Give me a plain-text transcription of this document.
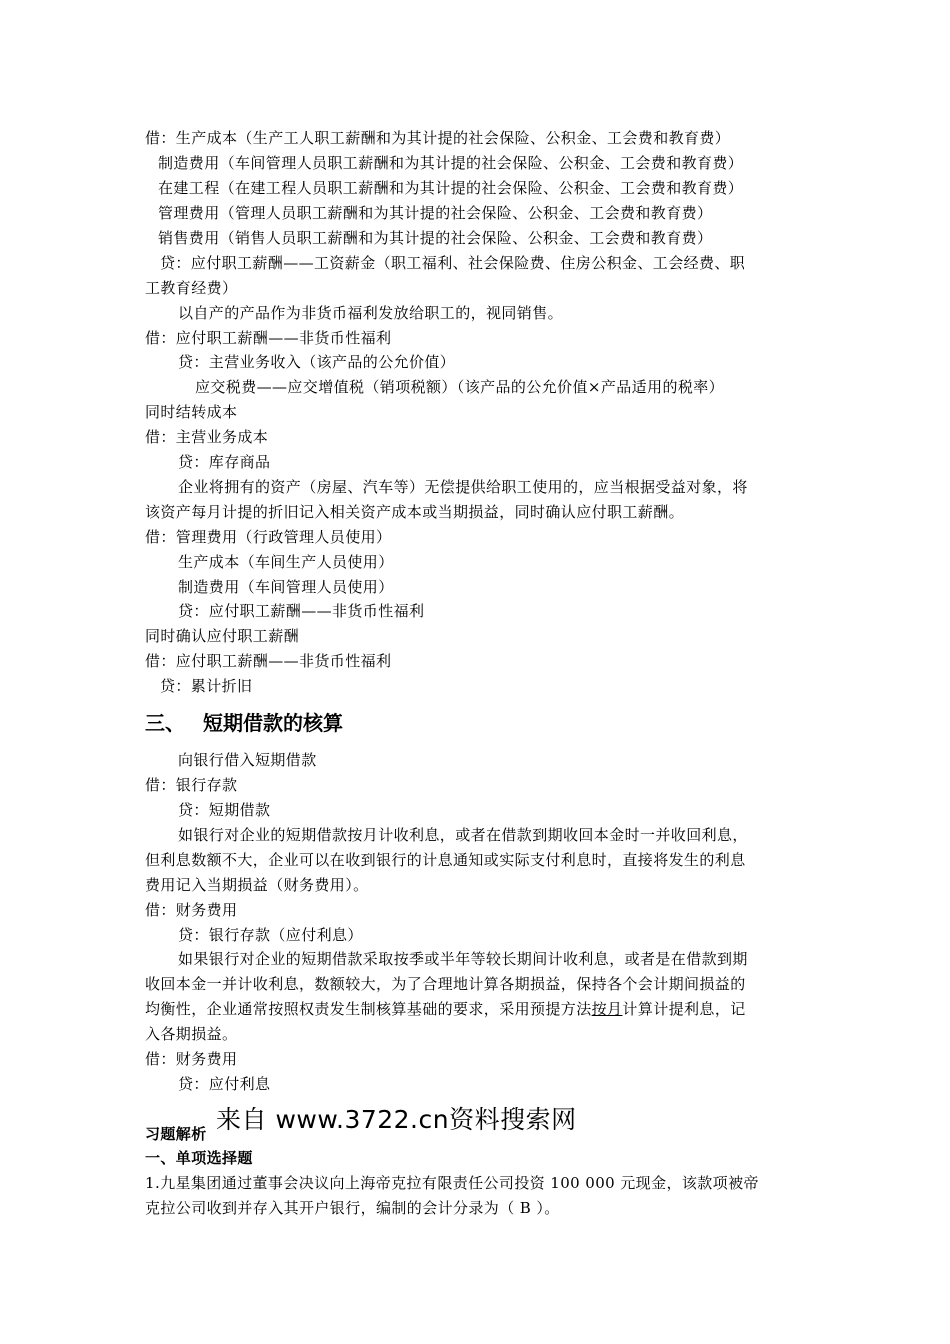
借：生产成本（生产工人职工薪酬和为其计提的社会保险、公积金、工会费和教育费）
制造费用（车间管理人员职工薪酬和为其计提的社会保险、公积金、工会费和教育费）
在建工程（在建工程人员职工薪酬和为其计提的社会保险、公积金、工会费和教育费）
管理费用（管理人员职工薪酬和为其计提的社会保险、公积金、工会费和教育费）
销售费用（销售人员职工薪酬和为其计提的社会保险、公积金、工会费和教育费）
贷：应付职工薪酬——工资薪金（职工福利、社会保险费、住房公积金、工会经费、职
工教育经费）
以自产的产品作为非货币福利发放给职工的，视同销售。
借：应付职工薪酬——非货币性福利
贷：主营业务收入（该产品的公允价值）
应交税费——应交增值税（销项税额）（该产品的公允价值×产品适用的税率）
同时结转成本
借：主营业务成本
贷：库存商品
企业将拥有的资产（房屋、汽车等）无偿提供给职工使用的，应当根据受益对象，将
该资产每月计提的折旧记入相关资产成本或当期损益，同时确认应付职工薪酬。
借：管理费用（行政管理人员使用）
生产成本（车间生产人员使用）
制造费用（车间管理人员使用）
贷：应付职工薪酬——非货币性福利
同时确认应付职工薪酬
借：应付职工薪酬——非货币性福利
贷：累计折旧
三、 短期借款的核算
向银行借入短期借款
借：银行存款
贷：短期借款
如银行对企业的短期借款按月计收利息，或者在借款到期收回本金时一并收回利息，
但利息数额不大，企业可以在收到银行的计息通知或实际支付利息时，直接将发生的利息
费用记入当期损益（财务费用）。
借：财务费用
贷：银行存款（应付利息）
如果银行对企业的短期借款采取按季或半年等较长期间计收利息，或者是在借款到期
收回本金一并计收利息，数额较大，为了合理地计算各期损益，保持各个会计期间损益的
均衡性，企业通常按照权责发生制核算基础的要求，采用预提方法按月计算计提利息，记
入各期损益。
借：财务费用
贷：应付利息
习题解析 来自 www.3722.cn资料搜索网
一、单项选择题
1.九星集团通过董事会决议向上海帝克拉有限责任公司投资 100 000 元现金，该款项被帝
克拉公司收到并存入其开户银行，编制的会计分录为（ B ）。
